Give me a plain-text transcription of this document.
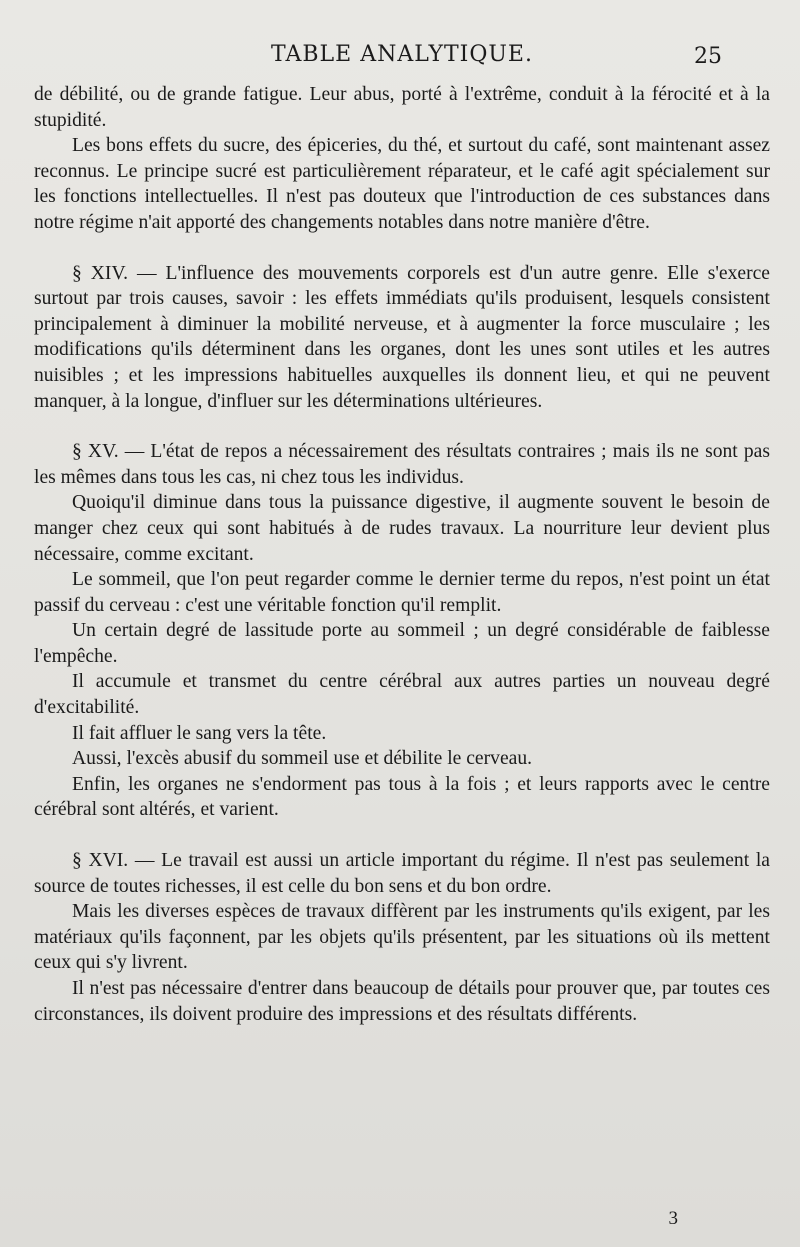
TABLE ANALYTIQUE.	25

de débilité, ou de grande fatigue. Leur abus, porté à l'extrême, conduit à la férocité et à la stupidité.

Les bons effets du sucre, des épiceries, du thé, et surtout du café, sont maintenant assez reconnus. Le principe sucré est particulièrement réparateur, et le café agit spécialement sur les fonctions intellectuelles. Il n'est pas douteux que l'introduction de ces substances dans notre régime n'ait apporté des changements notables dans notre manière d'être.

§ XIV. — L'influence des mouvements corporels est d'un autre genre. Elle s'exerce surtout par trois causes, savoir : les effets immédiats qu'ils produisent, lesquels consistent principalement à diminuer la mobilité nerveuse, et à augmenter la force musculaire ; les modifications qu'ils déterminent dans les organes, dont les unes sont utiles et les autres nuisibles ; et les impressions habituelles auxquelles ils donnent lieu, et qui ne peuvent manquer, à la longue, d'influer sur les déterminations ultérieures.

§ XV. — L'état de repos a nécessairement des résultats contraires ; mais ils ne sont pas les mêmes dans tous les cas, ni chez tous les individus.

Quoiqu'il diminue dans tous la puissance digestive, il augmente souvent le besoin de manger chez ceux qui sont habitués à de rudes travaux. La nourriture leur devient plus nécessaire, comme excitant.

Le sommeil, que l'on peut regarder comme le dernier terme du repos, n'est point un état passif du cerveau : c'est une véritable fonction qu'il remplit.

Un certain degré de lassitude porte au sommeil ; un degré considérable de faiblesse l'empêche.

Il accumule et transmet du centre cérébral aux autres parties un nouveau degré d'excitabilité.

Il fait affluer le sang vers la tête.

Aussi, l'excès abusif du sommeil use et débilite le cerveau.

Enfin, les organes ne s'endorment pas tous à la fois ; et leurs rapports avec le centre cérébral sont altérés, et varient.

§ XVI. — Le travail est aussi un article important du régime. Il n'est pas seulement la source de toutes richesses, il est celle du bon sens et du bon ordre.

Mais les diverses espèces de travaux diffèrent par les instruments qu'ils exigent, par les matériaux qu'ils façonnent, par les objets qu'ils présentent, par les situations où ils mettent ceux qui s'y livrent.

Il n'est pas nécessaire d'entrer dans beaucoup de détails pour prouver que, par toutes ces circonstances, ils doivent produire des impressions et des résultats différents.

3
